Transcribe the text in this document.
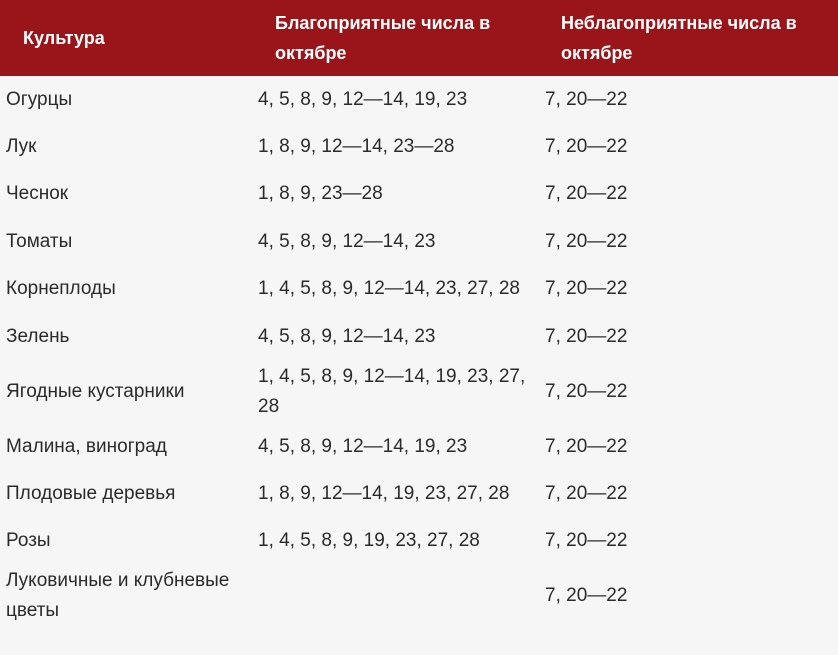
Культура	Благоприятные числа в октябре	Неблагоприятные числа в октябре
Огурцы	4, 5, 8, 9, 12—14, 19, 23	7, 20—22
Лук	1, 8, 9, 12—14, 23—28	7, 20—22
Чеснок	1, 8, 9, 23—28	7, 20—22
Томаты	4, 5, 8, 9, 12—14, 23	7, 20—22
Корнеплоды	1, 4, 5, 8, 9, 12—14, 23, 27, 28	7, 20—22
Зелень	4, 5, 8, 9, 12—14, 23	7, 20—22
Ягодные кустарники	1, 4, 5, 8, 9, 12—14, 19, 23, 27, 28	7, 20—22
Малина, виноград	4, 5, 8, 9, 12—14, 19, 23	7, 20—22
Плодовые деревья	1, 8, 9, 12—14, 19, 23, 27, 28	7, 20—22
Розы	1, 4, 5, 8, 9, 19, 23, 27, 28	7, 20—22
Луковичные и клубневые цветы		7, 20—22
